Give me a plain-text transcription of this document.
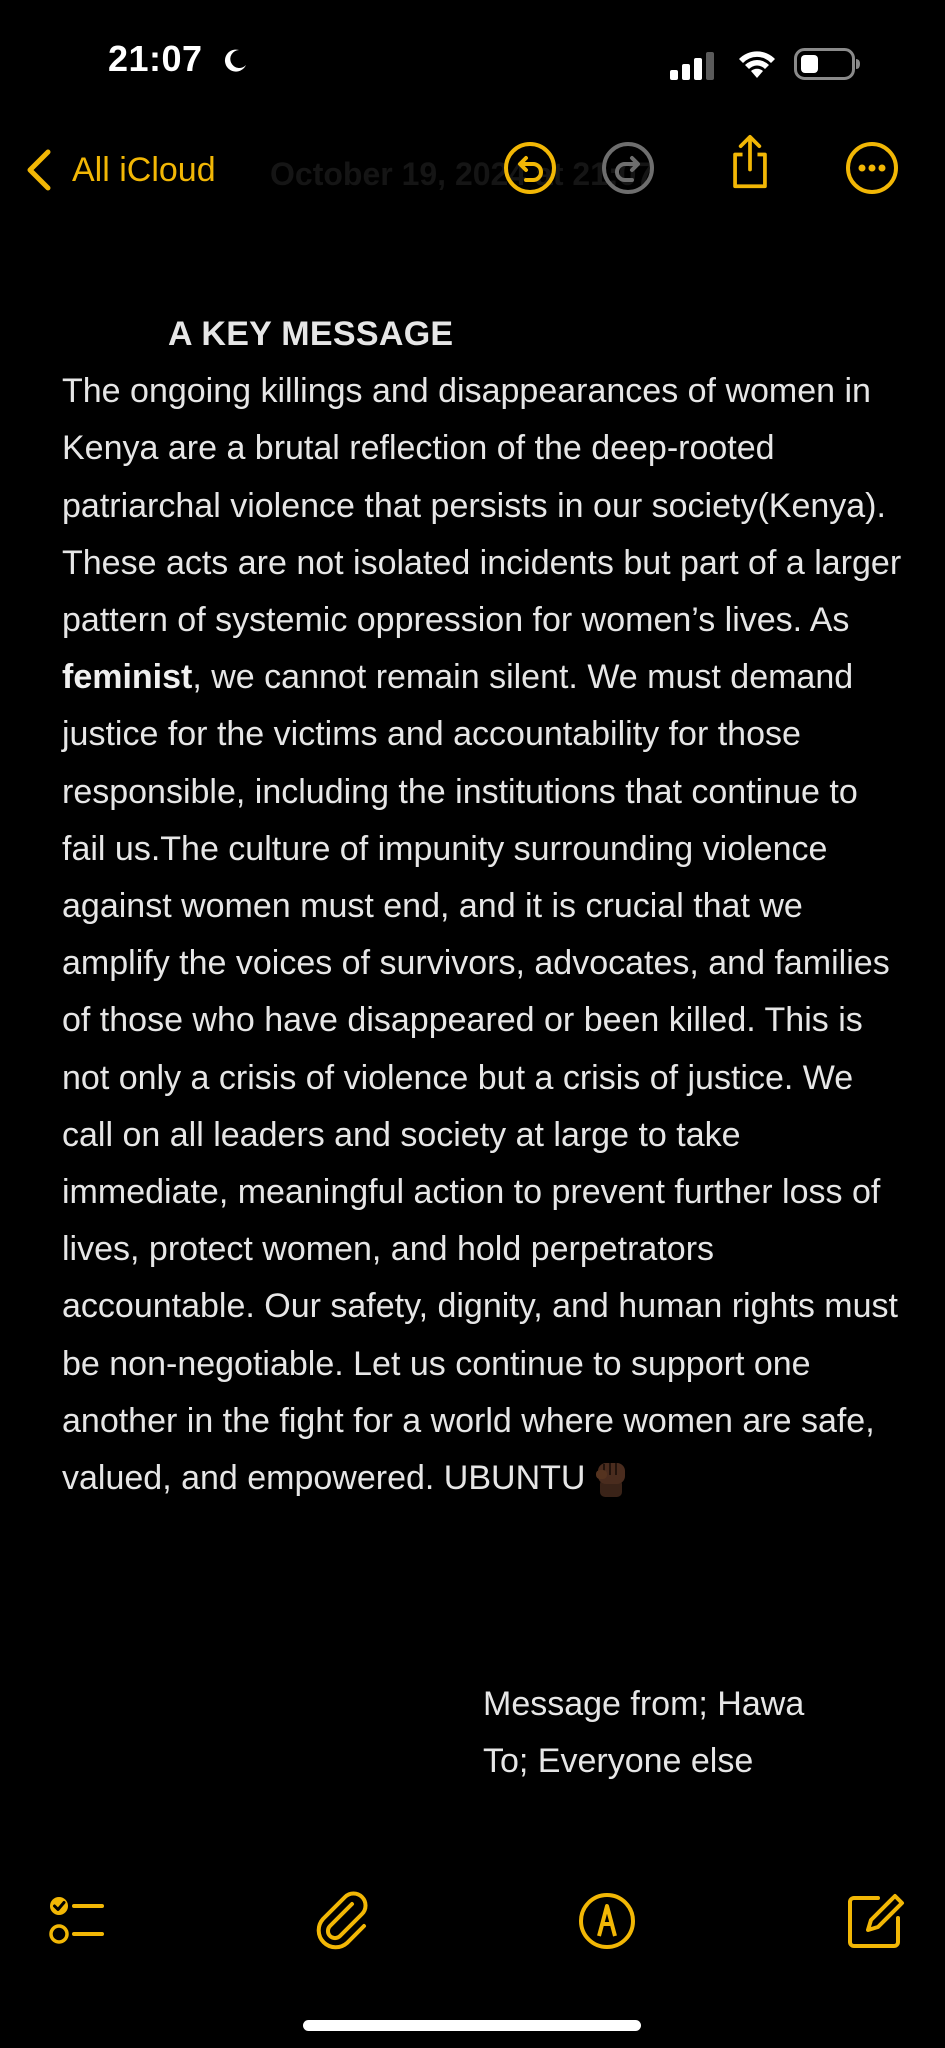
21:07
All iCloud October 19, 2024 at 21:07
A KEY MESSAGE

The ongoing killings and disappearances of women in Kenya are a brutal reflection of the deep-rooted patriarchal violence that persists in our society(Kenya). These acts are not isolated incidents but part of a larger pattern of systemic oppression for women’s lives. As feminist, we cannot remain silent. We must demand justice for the victims and accountability for those responsible, including the institutions that continue to fail us.The culture of impunity surrounding violence against women must end, and it is crucial that we amplify the voices of survivors, advocates, and families of those who have disappeared or been killed. This is not only a crisis of violence but a crisis of justice. We call on all leaders and society at large to take immediate, meaningful action to prevent further loss of lives, protect women, and hold perpetrators accountable. Our safety, dignity, and human rights must be non-negotiable. Let us continue to support one another in the fight for a world where women are safe, valued, and empowered. UBUNTU

Message from; Hawa
To; Everyone else
